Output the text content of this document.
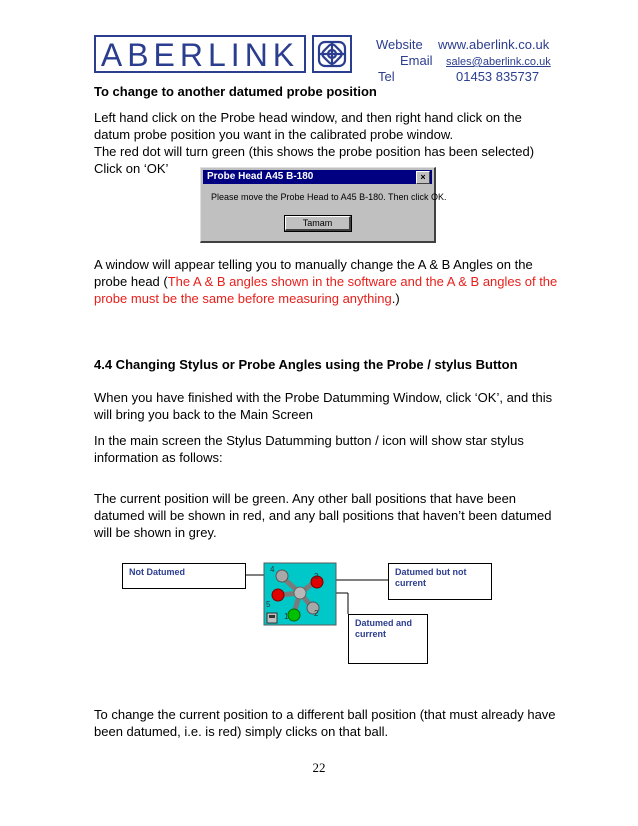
ABERLINK	Website www.aberlink.co.uk
Email sales@aberlink.co.uk
Tel	01453 835737

To change to another datumed probe position

Left hand click on the Probe head window, and then right hand click on the

datum probe position you want in the calibrated probe window.

The red dot will turn green (this shows the probe position has been selected)

Click on ‘OK’

Probe Head A45 B-180	×
Please move the Probe Head to A45 B-180. Then click OK.
Tamam

A window will appear telling you to manually change the A & B Angles on the

probe head (The A & B angles shown in the software and the A & B angles of the

probe must be the same before measuring anything.)

4.4 Changing Stylus or Probe Angles using the Probe / stylus Button

When you have finished with the Probe Datumming Window, click ‘OK’, and this

will bring you back to the Main Screen

In the main screen the Stylus Datumming button / icon will show star stylus

information as follows:

The current position will be green. Any other ball positions that have been

datumed will be shown in red, and any ball positions that haven’t been datumed

will be shown in grey.

Not Datumed	Datumed but not
current
Datumed and
current
4
3
5
1	2

To change the current position to a different ball position (that must already have

been datumed, i.e. is red) simply clicks on that ball.

22
